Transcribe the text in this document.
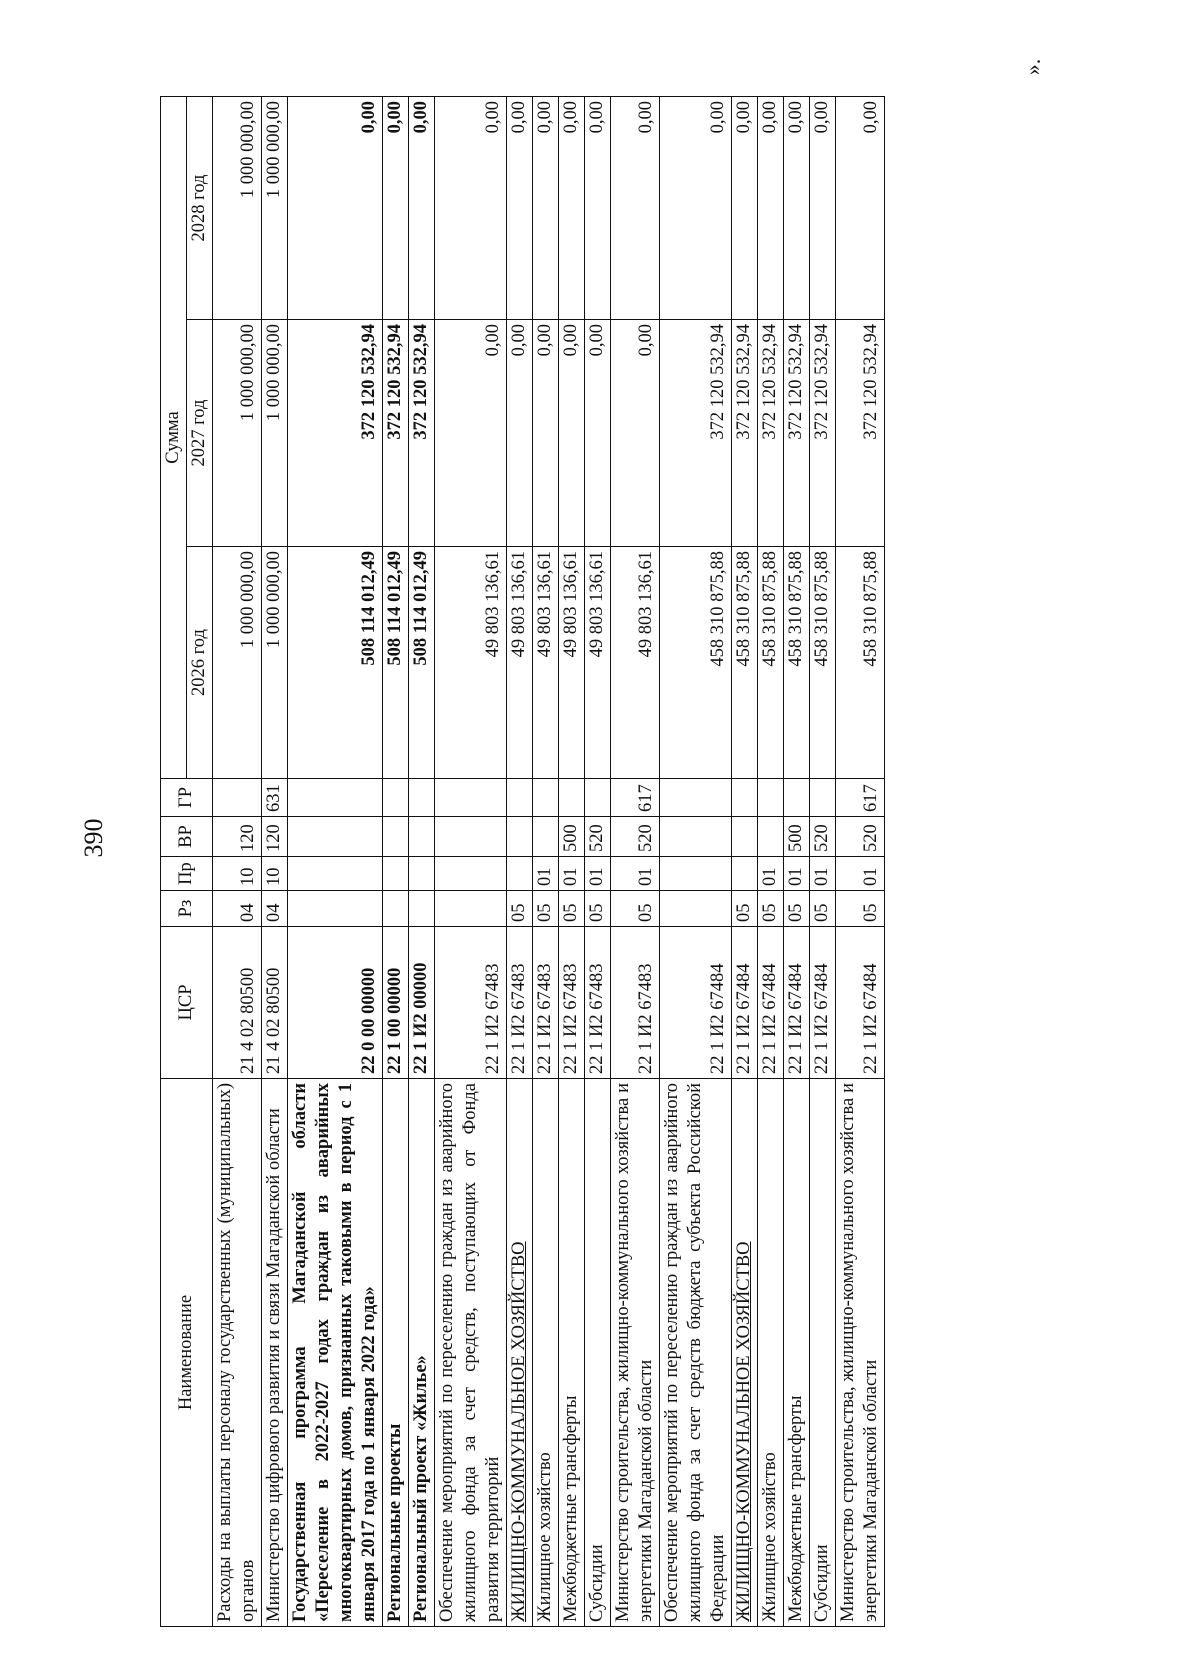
390
Наименование	ЦСР	Рз	Пр	ВР	ГР	Сумма		
						2026 год	2027 год	2028 год
Расходы на выплаты персоналу государственных (муниципальных) органов	21 4 02 80500	04	10	120		1 000 000,00	1 000 000,00	1 000 000,00
Министерство цифрового развития и связи Магаданской области	21 4 02 80500	04	10	120	631	1 000 000,00	1 000 000,00	1 000 000,00
Государственная программа Магаданской области «Переселение в 2022-2027 годах граждан из аварийных многоквартирных домов, признанных таковыми в период с 1 января 2017 года по 1 января 2022 года»	22 0 00 00000					508 114 012,49	372 120 532,94	0,00
Региональные проекты	22 1 00 00000					508 114 012,49	372 120 532,94	0,00
Региональный проект «Жилье»	22 1 И2 00000					508 114 012,49	372 120 532,94	0,00
Обеспечение мероприятий по переселению граждан из аварийного жилищного фонда за счет средств, поступающих от Фонда развития территорий	22 1 И2 67483					49 803 136,61	0,00	0,00
ЖИЛИЩНО-КОММУНАЛЬНОЕ ХОЗЯЙСТВО	22 1 И2 67483	05				49 803 136,61	0,00	0,00
Жилищное хозяйство	22 1 И2 67483	05	01			49 803 136,61	0,00	0,00
Межбюджетные трансферты	22 1 И2 67483	05	01	500		49 803 136,61	0,00	0,00
Субсидии	22 1 И2 67483	05	01	520		49 803 136,61	0,00	0,00
Министерство строительства, жилищно-коммунального хозяйства и энергетики Магаданской области	22 1 И2 67483	05	01	520	617	49 803 136,61	0,00	0,00
Обеспечение мероприятий по переселению граждан из аварийного жилищного фонда за счет средств бюджета субъекта Российской Федерации	22 1 И2 67484					458 310 875,88	372 120 532,94	0,00
ЖИЛИЩНО-КОММУНАЛЬНОЕ ХОЗЯЙСТВО	22 1 И2 67484	05				458 310 875,88	372 120 532,94	0,00
Жилищное хозяйство	22 1 И2 67484	05	01			458 310 875,88	372 120 532,94	0,00
Межбюджетные трансферты	22 1 И2 67484	05	01	500		458 310 875,88	372 120 532,94	0,00
Субсидии	22 1 И2 67484	05	01	520		458 310 875,88	372 120 532,94	0,00
Министерство строительства, жилищно-коммунального хозяйства и энергетики Магаданской области	22 1 И2 67484	05	01	520	617	458 310 875,88	372 120 532,94	0,00
».
